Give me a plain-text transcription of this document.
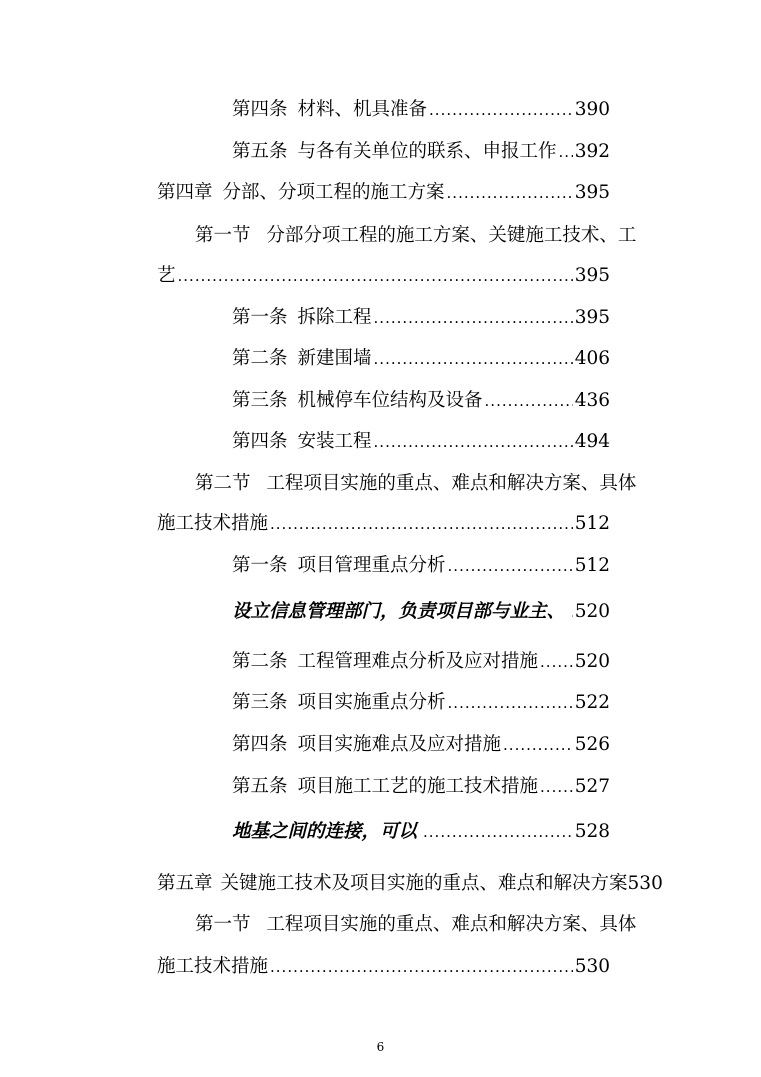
第四条 材料、机具准备 .....	390
第五条 与各有关单位的联系、申报工作 ..... 392
第四章 分部、分项工程的施工方案 .....	395
第一节 分部分项工程的施工方案、关键施工技术、工
艺 .....	395
第一条 拆除工程 .....	395
第二条 新建围墙 .....	406
第三条 机械停车位结构及设备 .....	436
第四条 安装工程 .....	494
第二节 工程项目实施的重点、难点和解决方案、具体
施工技术措施 .....	512
第一条 项目管理重点分析 .....	512
设立信息管理部门，负责项目部与业主、 ..... 520
第二条 工程管理难点分析及应对措施 ..... 520
第三条 项目实施重点分析 .....	522
第四条 项目实施难点及应对措施 .....	526
第五条 项目施工工艺的施工技术措施 ..... 527
地基之间的连接，可以 .....	528
第五章 关键施工技术及项目实施的重点、难点和解决方案 530
第一节 工程项目实施的重点、难点和解决方案、具体
施工技术措施 .....	530
6
